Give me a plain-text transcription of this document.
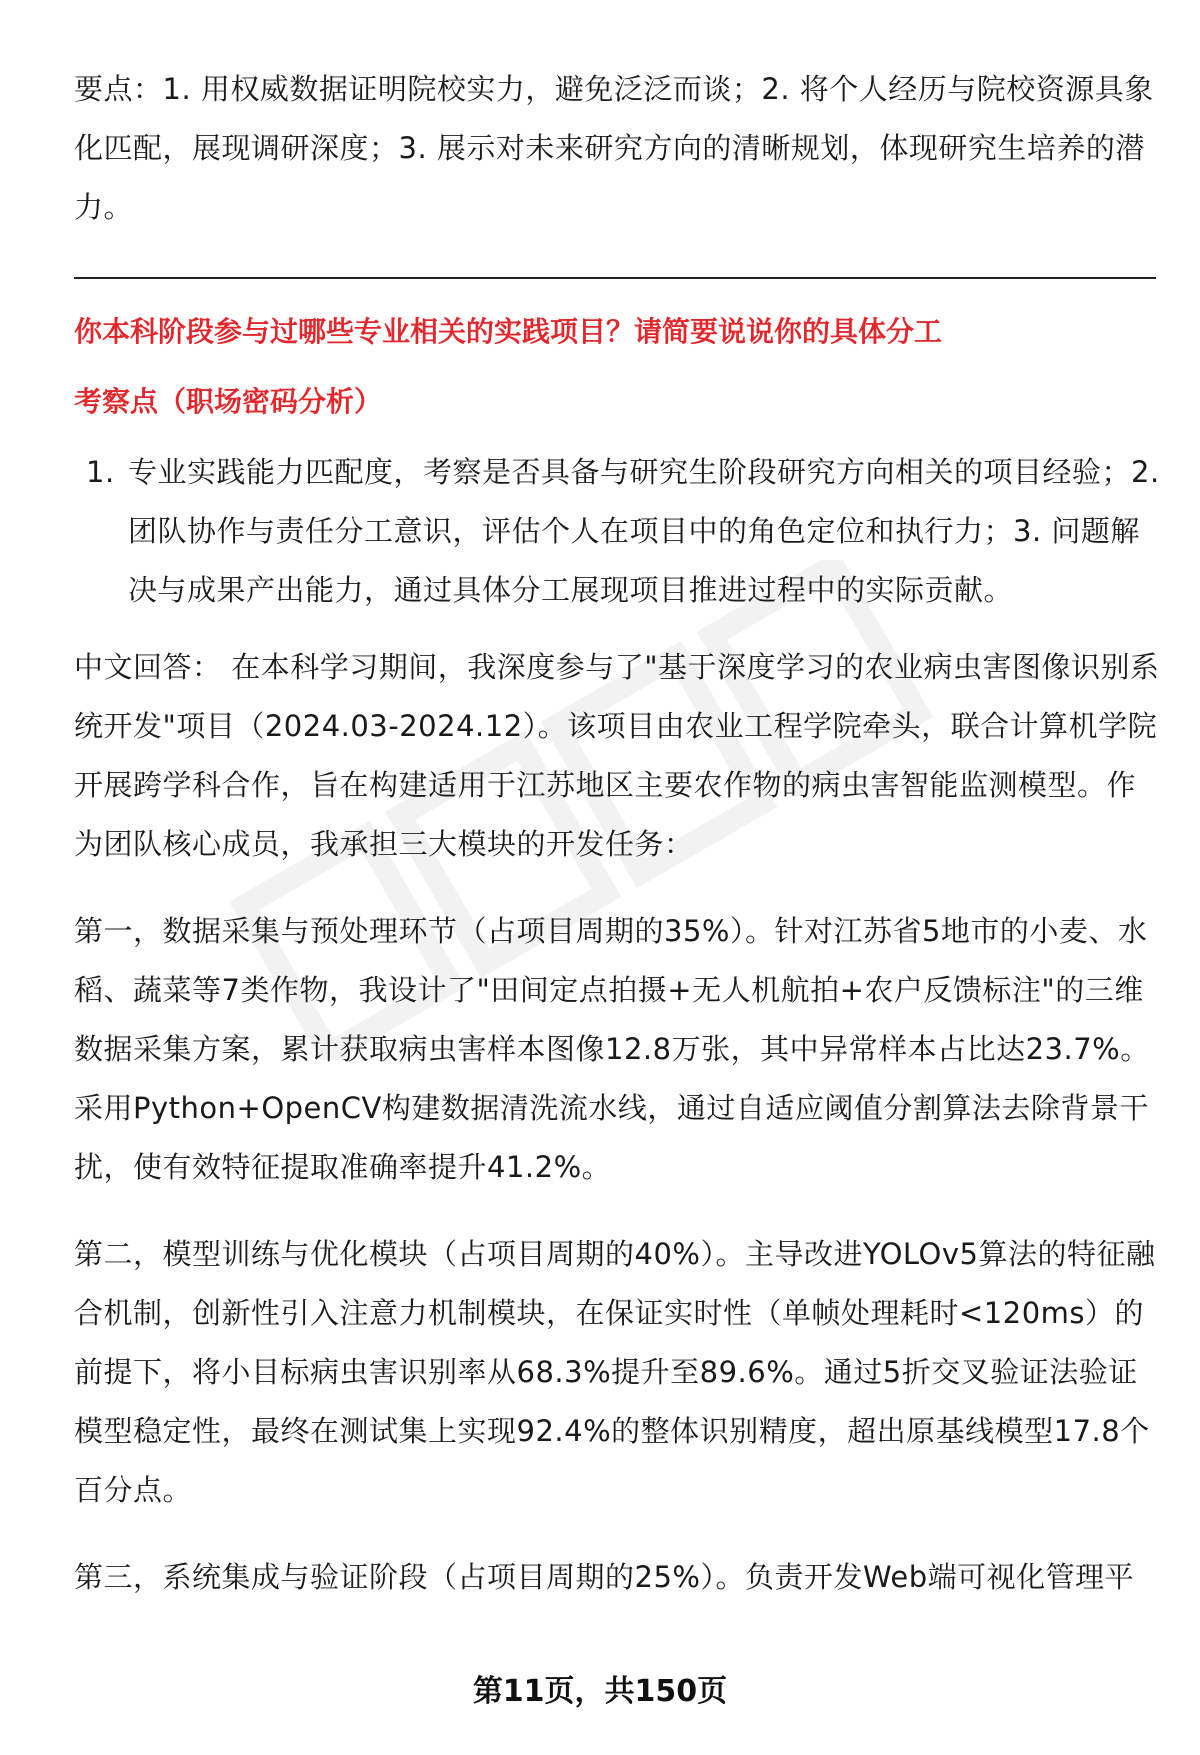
要点：1. 用权威数据证明院校实力，避免泛泛而谈；2. 将个人经历与院校资源具象化匹配，展现调研深度；3. 展示对未来研究方向的清晰规划，体现研究生培养的潜力。

你本科阶段参与过哪些专业相关的实践项目？请简要说说你的具体分工

考察点（职场密码分析）

1. 专业实践能力匹配度，考察是否具备与研究生阶段研究方向相关的项目经验；2. 团队协作与责任分工意识，评估个人在项目中的角色定位和执行力；3. 问题解决与成果产出能力，通过具体分工展现项目推进过程中的实际贡献。

中文回答： 在本科学习期间，我深度参与了"基于深度学习的农业病虫害图像识别系统开发"项目（2024.03-2024.12）。该项目由农业工程学院牵头，联合计算机学院开展跨学科合作，旨在构建适用于江苏地区主要农作物的病虫害智能监测模型。作为团队核心成员，我承担三大模块的开发任务：

第一，数据采集与预处理环节（占项目周期的35%）。针对江苏省5地市的小麦、水稻、蔬菜等7类作物，我设计了"田间定点拍摄+无人机航拍+农户反馈标注"的三维数据采集方案，累计获取病虫害样本图像12.8万张，其中异常样本占比达23.7%。采用Python+OpenCV构建数据清洗流水线，通过自适应阈值分割算法去除背景干扰，使有效特征提取准确率提升41.2%。

第二，模型训练与优化模块（占项目周期的40%）。主导改进YOLOv5算法的特征融合机制，创新性引入注意力机制模块，在保证实时性（单帧处理耗时<120ms）的前提下，将小目标病虫害识别率从68.3%提升至89.6%。通过5折交叉验证法验证模型稳定性，最终在测试集上实现92.4%的整体识别精度，超出原基线模型17.8个百分点。

第三，系统集成与验证阶段（占项目周期的25%）。负责开发Web端可视化管理平

第11页，共150页
